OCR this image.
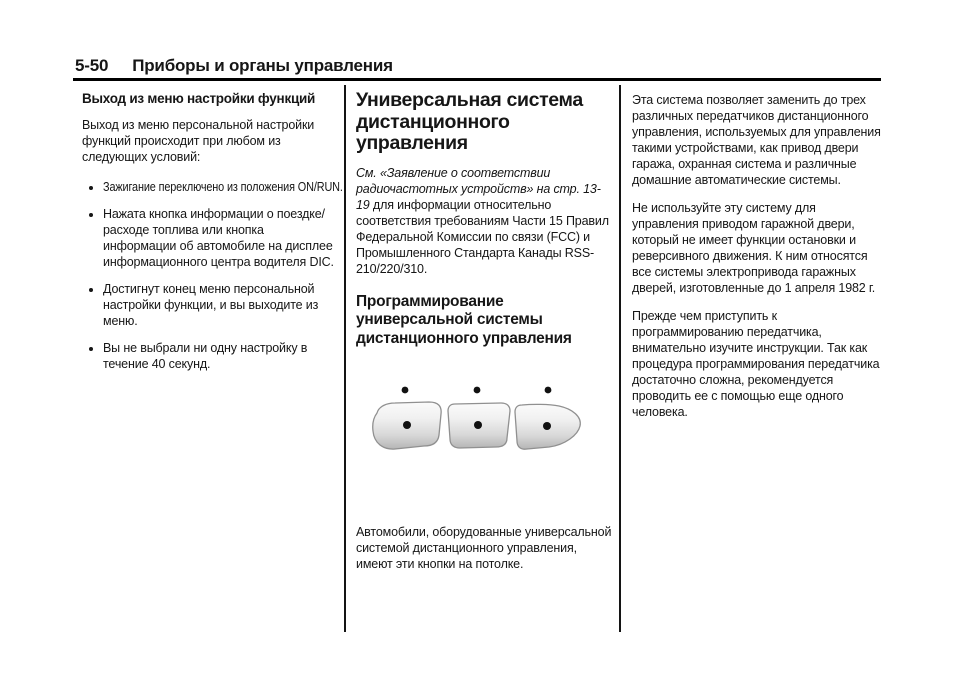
5-50 Приборы и органы управления
Выход из меню настройки функций

Выход из меню персональной настройки функций происходит при любом из следующих условий:

• Зажигание переключено из положения ON/RUN.
• Нажата кнопка информации о поездке/расходе топлива или кнопка информации об автомобиле на дисплее информационного центра водителя DIC.
• Достигнут конец меню персональной настройки функции, и вы выходите из меню.
• Вы не выбрали ни одну настройку в течение 40 секунд.
Универсальная система дистанционного управления

См. «Заявление о соответствии радиочастотных устройств» на стр. 13-19 для информации относительно соответствия требованиям Части 15 Правил Федеральной Комиссии по связи (FCC) и Промышленного Стандарта Канады RSS-210/220/310.

Программирование универсальной системы дистанционного управления

Автомобили, оборудованные универсальной системой дистанционного управления, имеют эти кнопки на потолке.

Эта система позволяет заменить до трех различных передатчиков дистанционного управления, используемых для управления такими устройствами, как привод двери гаража, охранная система и различные домашние автоматические системы.

Не используйте эту систему для управления приводом гаражной двери, который не имеет функции остановки и реверсивного движения. К ним относятся все системы электропривода гаражных дверей, изготовленные до 1 апреля 1982 г.

Прежде чем приступить к программированию передатчика, внимательно изучите инструкции. Так как процедура программирования передатчика достаточно сложна, рекомендуется проводить ее с помощью еще одного человека.
